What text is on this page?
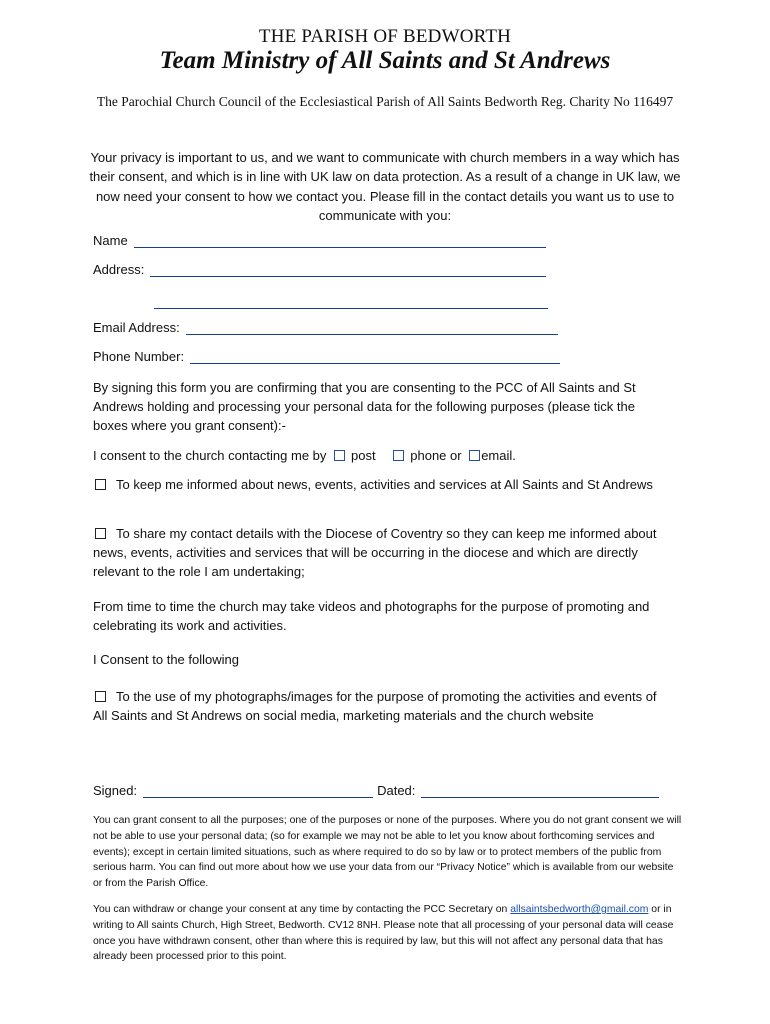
THE PARISH OF BEDWORTH
Team Ministry of All Saints and St Andrews
The Parochial Church Council of the Ecclesiastical Parish of All Saints Bedworth Reg. Charity No 116497
Your privacy is important to us, and we want to communicate with church members in a way which has their consent, and which is in line with UK law on data protection. As a result of a change in UK law, we now need your consent to how we contact you. Please fill in the contact details you want us to use to communicate with you:
Name
Address:
Email Address:
Phone Number:
By signing this form you are confirming that you are consenting to the PCC of All Saints and St Andrews holding and processing your personal data for the following purposes (please tick the boxes where you grant consent):-
I consent to the church contacting me by post	phone or email.
To keep me informed about news, events, activities and services at All Saints and St Andrews
To share my contact details with the Diocese of Coventry so they can keep me informed about news, events, activities and services that will be occurring in the diocese and which are directly relevant to the role I am undertaking;
From time to time the church may take videos and photographs for the purpose of promoting and celebrating its work and activities.
I Consent to the following
To the use of my photographs/images for the purpose of promoting the activities and events of All Saints and St Andrews on social media, marketing materials and the church website
Signed:	Dated:
You can grant consent to all the purposes; one of the purposes or none of the purposes. Where you do not grant consent we will not be able to use your personal data; (so for example we may not be able to let you know about forthcoming services and events); except in certain limited situations, such as where required to do so by law or to protect members of the public from serious harm. You can find out more about how we use your data from our “Privacy Notice” which is available from our website or from the Parish Office.
You can withdraw or change your consent at any time by contacting the PCC Secretary on allsaintsbedworth@gmail.com or in writing to All saints Church, High Street, Bedworth. CV12 8NH. Please note that all processing of your personal data will cease once you have withdrawn consent, other than where this is required by law, but this will not affect any personal data that has already been processed prior to this point.
